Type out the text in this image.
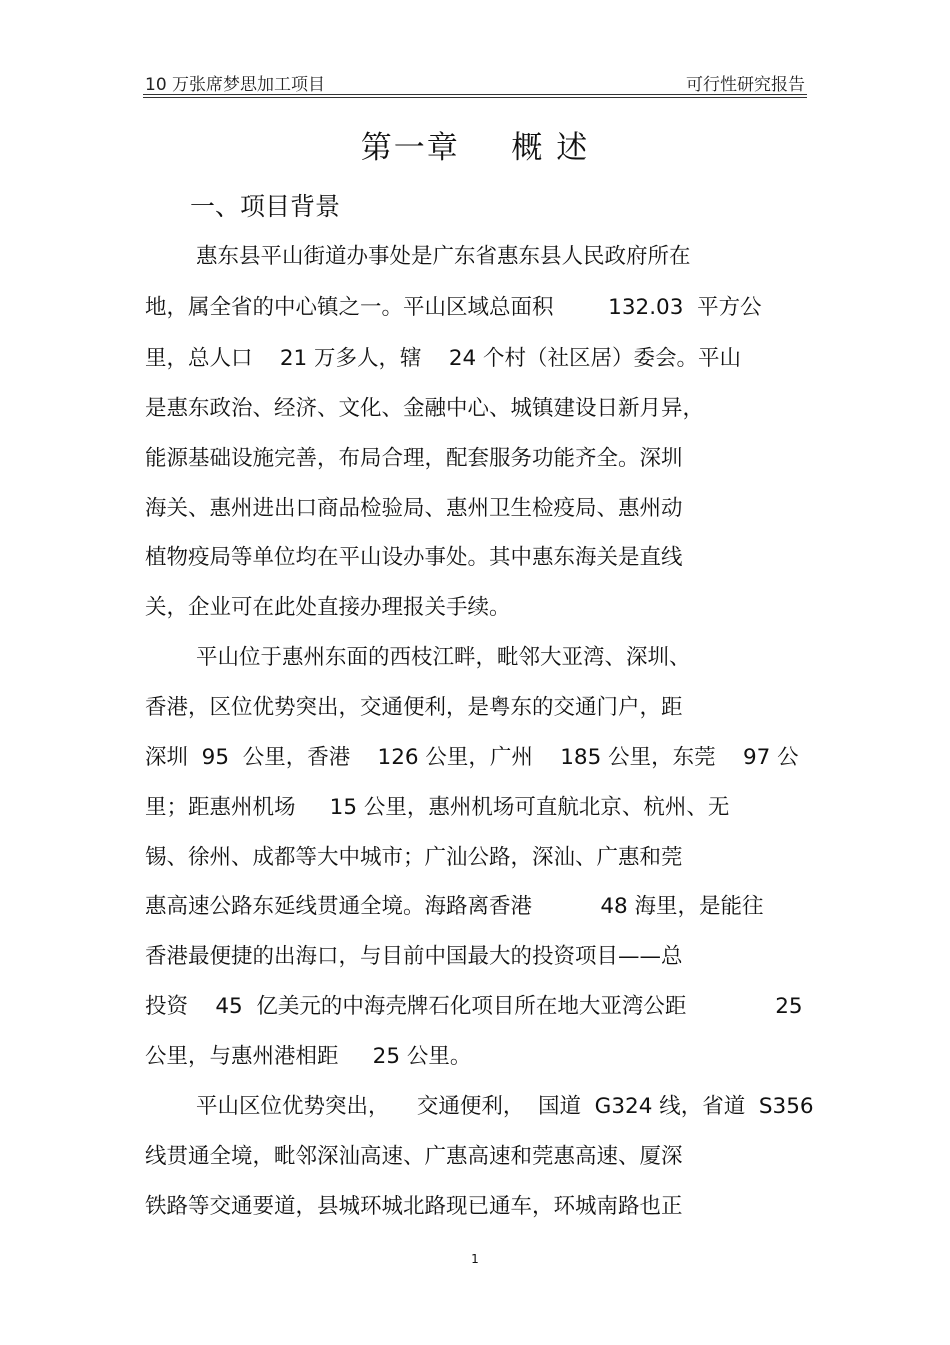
10 万张席梦思加工项目	可行性研究报告
第一章 概 述
一、项目背景
惠东县平山街道办事处是广东省惠东县人民政府所在
地，属全省的中心镇之一。平山区域总面积        132.03  平方公
里，总人口    21 万多人，辖    24 个村（社区居）委会。平山
是惠东政治、经济、文化、金融中心、城镇建设日新月异，
能源基础设施完善，布局合理，配套服务功能齐全。深圳
海关、惠州进出口商品检验局、惠州卫生检疫局、惠州动
植物疫局等单位均在平山设办事处。其中惠东海关是直线
关，企业可在此处直接办理报关手续。
平山位于惠州东面的西枝江畔，毗邻大亚湾、深圳、
香港，区位优势突出，交通便利，是粤东的交通门户，距
深圳  95  公里，香港    126 公里，广州    185 公里，东莞    97 公
里；距惠州机场     15 公里，惠州机场可直航北京、杭州、无
锡、徐州、成都等大中城市；广汕公路，深汕、广惠和莞
惠高速公路东延线贯通全境。海路离香港          48 海里，是能往
香港最便捷的出海口，与目前中国最大的投资项目——总
投资    45  亿美元的中海壳牌石化项目所在地大亚湾公距             25
公里，与惠州港相距     25 公里。
平山区位优势突出，    交通便利，  国道  G324 线，省道  S356
线贯通全境，毗邻深汕高速、广惠高速和莞惠高速、厦深
铁路等交通要道，县城环城北路现已通车，环城南路也正
1
